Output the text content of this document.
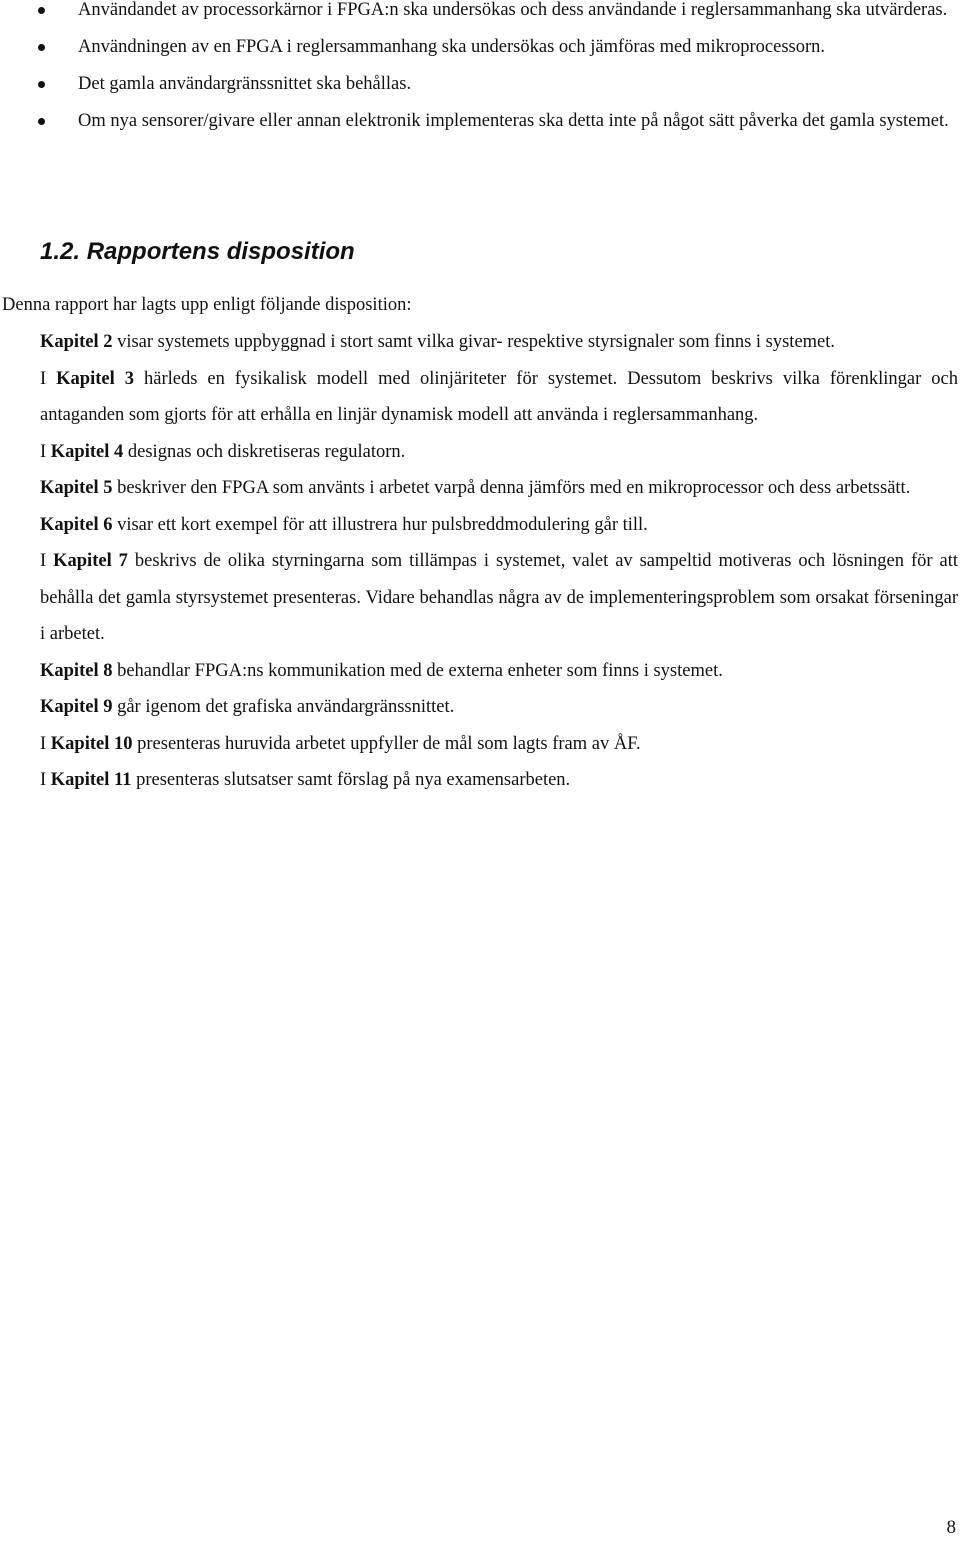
Användandet av processorkärnor i FPGA:n ska undersökas och dess användande i reglersammanhang ska utvärderas.
Användningen av en FPGA i reglersammanhang ska undersökas och jämföras med mikroprocessorn.
Det gamla användargränssnittet ska behållas.
Om nya sensorer/givare eller annan elektronik implementeras ska detta inte på något sätt påverka det gamla systemet.
1.2. Rapportens disposition

Denna rapport har lagts upp enligt följande disposition:

Kapitel 2 visar systemets uppbyggnad i stort samt vilka givar- respektive styrsignaler som finns i systemet.

I Kapitel 3 härleds en fysikalisk modell med olinjäriteter för systemet. Dessutom beskrivs vilka förenklingar och antaganden som gjorts för att erhålla en linjär dynamisk modell att använda i reglersammanhang.

I Kapitel 4 designas och diskretiseras regulatorn.

Kapitel 5 beskriver den FPGA som använts i arbetet varpå denna jämförs med en mikroprocessor och dess arbetssätt.

Kapitel 6 visar ett kort exempel för att illustrera hur pulsbreddmodulering går till.

I Kapitel 7 beskrivs de olika styrningarna som tillämpas i systemet, valet av sampeltid motiveras och lösningen för att behålla det gamla styrsystemet presenteras. Vidare behandlas några av de implementeringsproblem som orsakat förseningar i arbetet.

Kapitel 8 behandlar FPGA:ns kommunikation med de externa enheter som finns i systemet.

Kapitel 9 går igenom det grafiska användargränssnittet.

I Kapitel 10 presenteras huruvida arbetet uppfyller de mål som lagts fram av ÅF.

I Kapitel 11 presenteras slutsatser samt förslag på nya examensarbeten.

8
